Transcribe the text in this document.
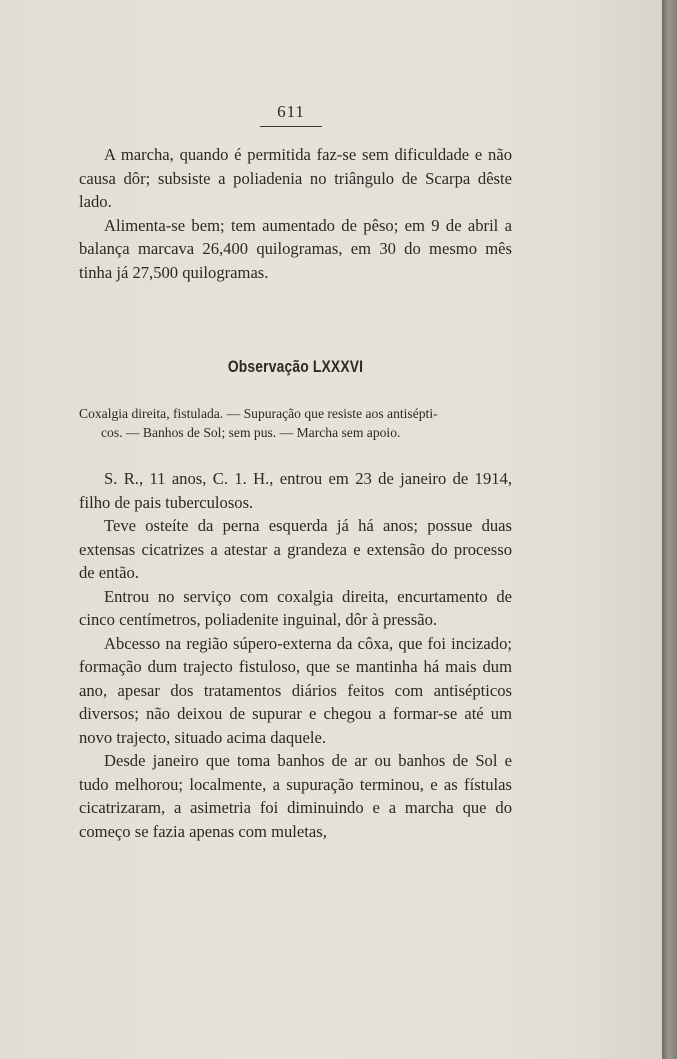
611

A marcha, quando é permitida faz-se sem dificuldade e não causa dôr; subsiste a poliadenia no triângulo de Scarpa dêste lado.

Alimenta-se bem; tem aumentado de pêso; em 9 de abril a balança marcava 26,400 quilogramas, em 30 do mesmo mês tinha já 27,500 quilogramas.

Observação LXXXVI
Coxalgia direita, fistulada. — Supuração que resiste aos antisépti-
cos. — Banhos de Sol; sem pus. — Marcha sem apoio.

S. R., 11 anos, C. 1. H., entrou em 23 de janeiro de 1914, filho de pais tuberculosos.

Teve osteíte da perna esquerda já há anos; possue duas extensas cicatrizes a atestar a grandeza e extensão do processo de então.

Entrou no serviço com coxalgia direita, encurtamento de cinco centímetros, poliadenite inguinal, dôr à pressão.

Abcesso na região súpero-externa da côxa, que foi incizado; formação dum trajecto fistuloso, que se mantinha há mais dum ano, apesar dos tratamentos diários feitos com antisépticos diversos; não deixou de supurar e chegou a formar-se até um novo trajecto, situado acima daquele.

Desde janeiro que toma banhos de ar ou banhos de Sol e tudo melhorou; localmente, a supuração terminou, e as fístulas cicatrizaram, a asimetria foi diminuindo e a marcha que do começo se fazia apenas com muletas,
